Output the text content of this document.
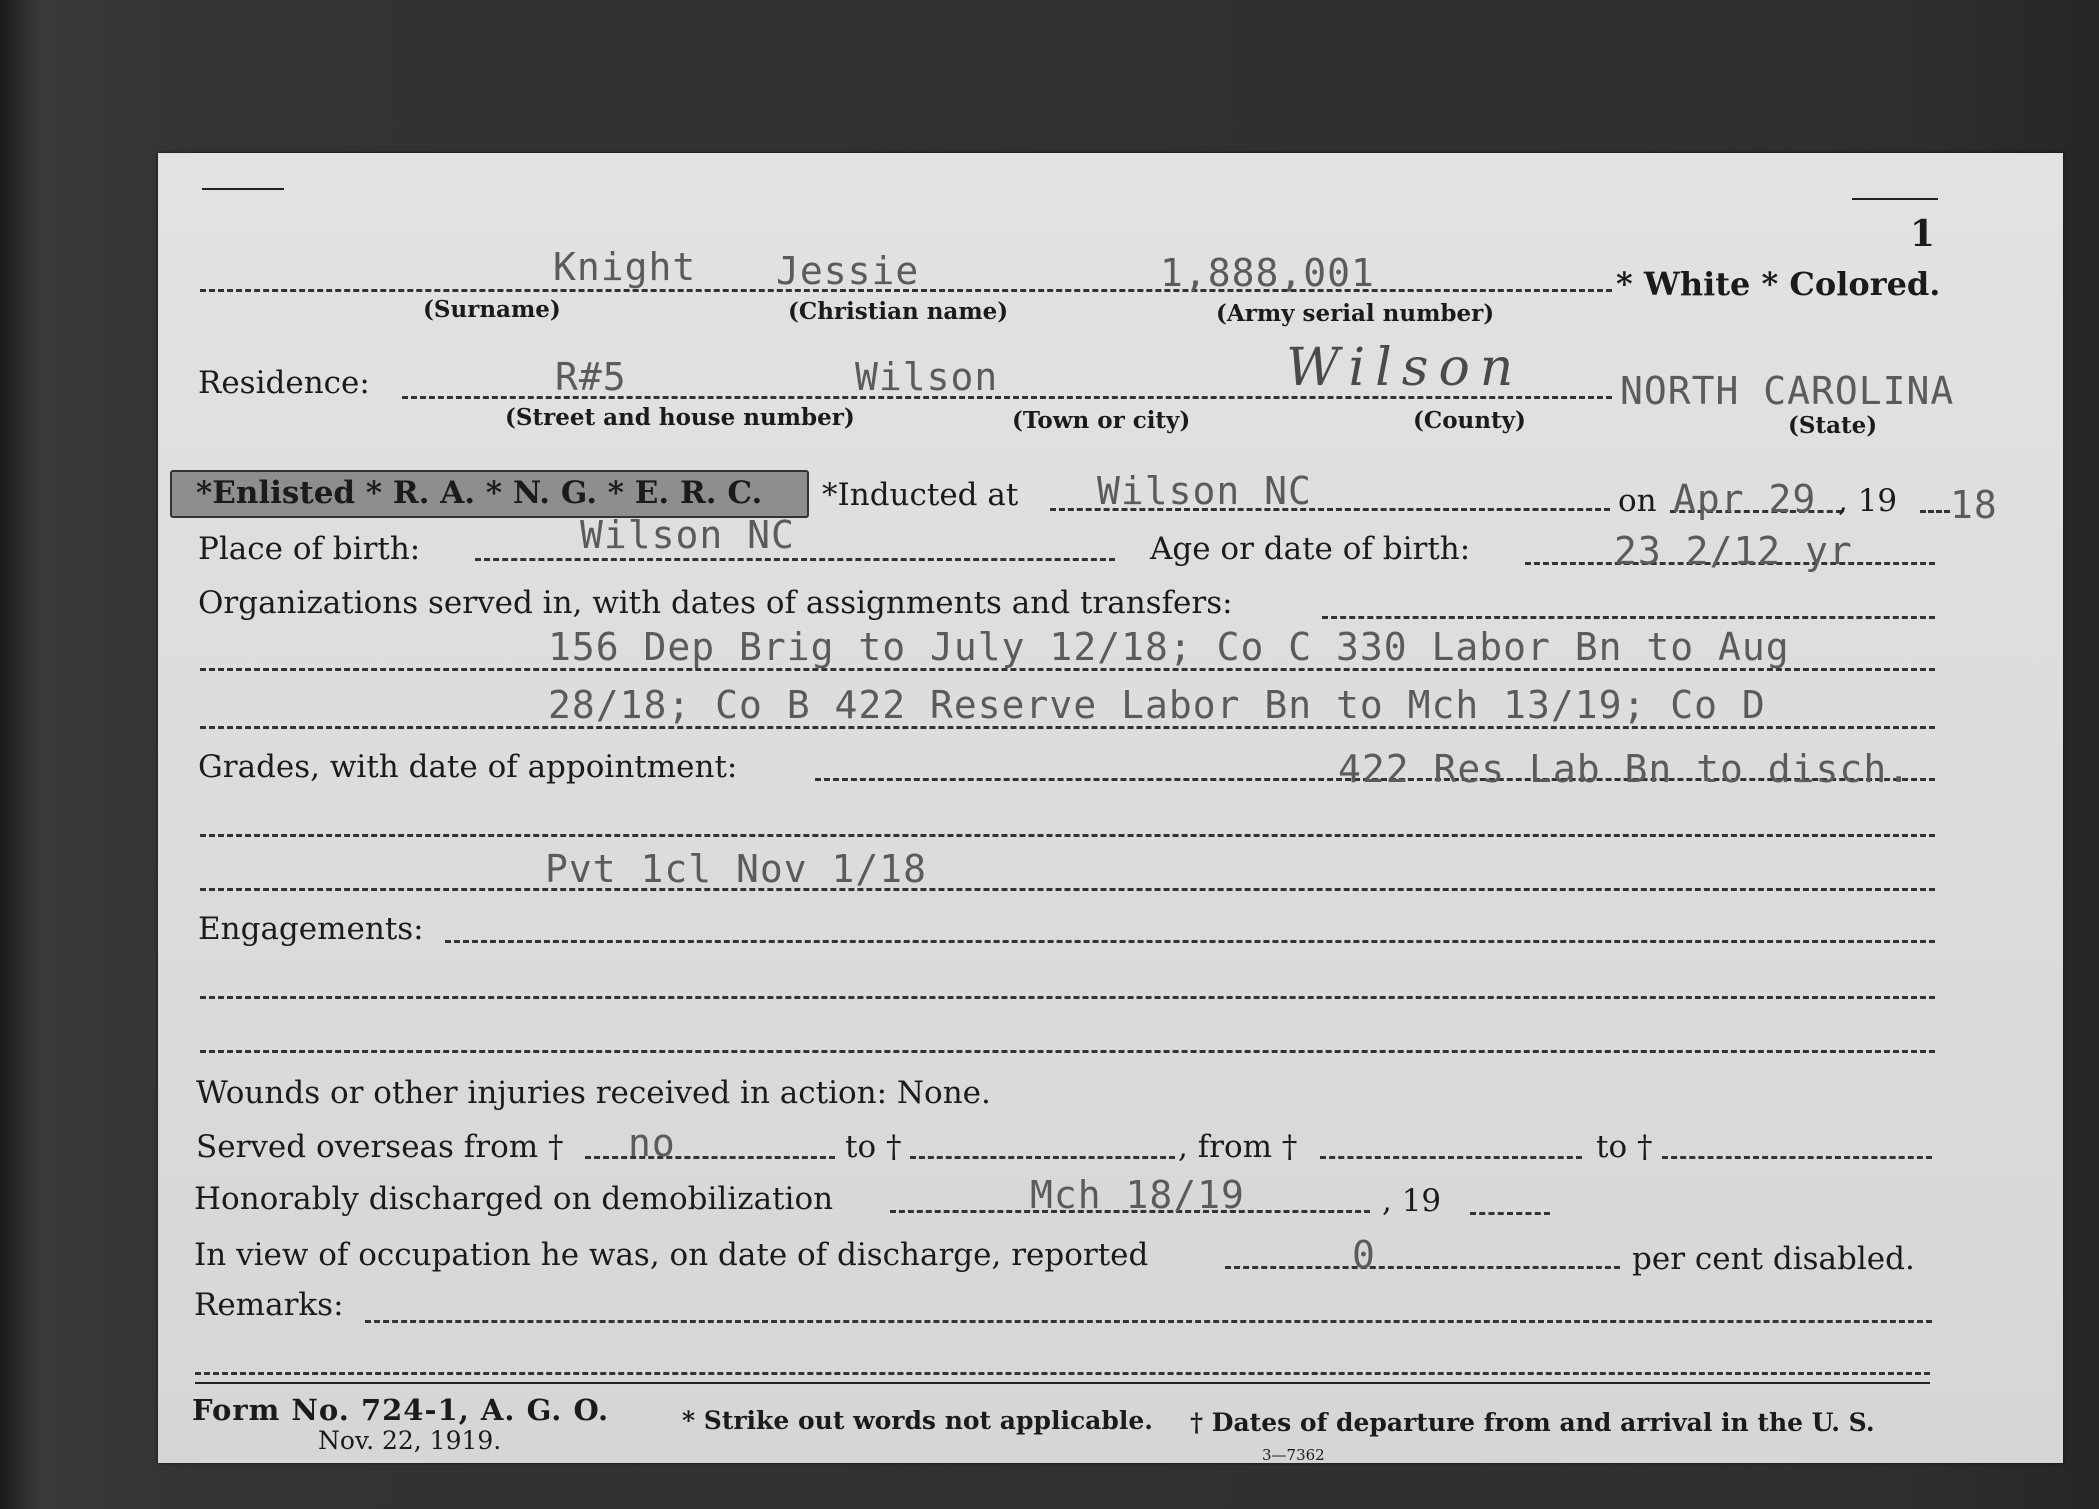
1
Knight Jessie	1,888,001	* White * Colored.
(Surname)	(Christian name)	(Army serial number)
Residence:	R#5	Wilson	Wilson	NORTH CAROLINA
(Street and house number)	(Town or city)	(County)	(State)
*Enlisted * R. A. * N. G. * E. R. C. *Inducted at Wilson NC	on Apr 29 , 19 18
Place of birth:	Wilson NC	Age or date of birth:	23 2/12 yr
Organizations served in, with dates of assignments and transfers:
156 Dep Brig to July 12/18; Co C 330 Labor Bn to Aug
28/18; Co B 422 Reserve Labor Bn to Mch 13/19; Co D
Grades, with date of appointment:	422 Res Lab Bn to disch.
Pvt 1cl Nov 1/18
Engagements:
Wounds or other injuries received in action: None.
Served overseas from † no	to †	, from †	to †
Honorably discharged on demobilization	Mch 18/19	, 19
In view of occupation he was, on date of discharge, reported	0	per cent disabled.
Remarks:
Form No. 724-1, A. G. O.
Nov. 22, 1919.
* Strike out words not applicable. † Dates of departure from and arrival in the U. S.
3—7362
